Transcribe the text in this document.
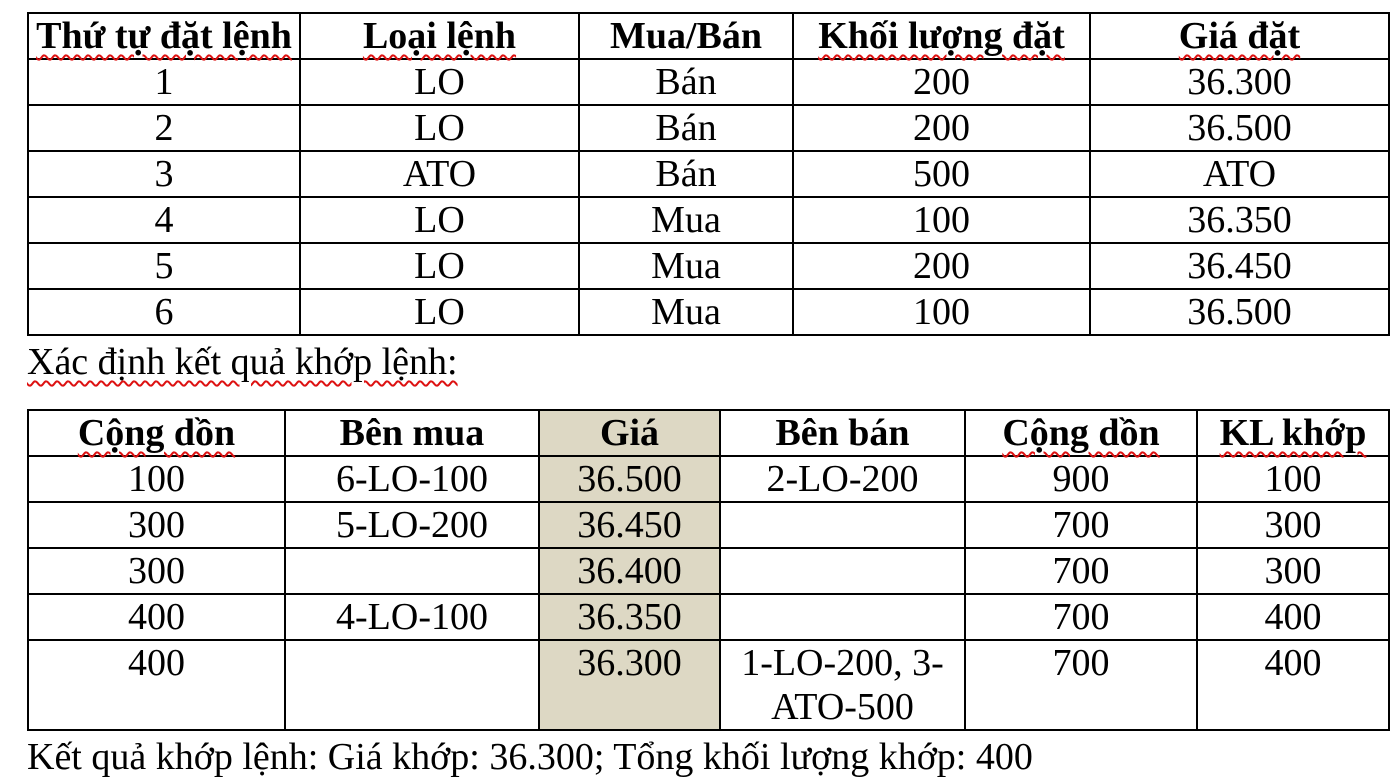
Thứ tự đặt lệnh	Loại lệnh	Mua/Bán	Khối lượng đặt	Giá đặt
1	LO	Bán	200	36.300
2	LO	Bán	200	36.500
3	ATO	Bán	500	ATO
4	LO	Mua	100	36.350
5	LO	Mua	200	36.450
6	LO	Mua	100	36.500
Xác định kết quả khớp lệnh:
Cộng dồn	Bên mua	Giá	Bên bán	Cộng dồn	KL khớp
100	6-LO-100	36.500	2-LO-200	900	100
300	5-LO-200	36.450		700	300
300		36.400		700	300
400	4-LO-100	36.350		700	400
400		36.300	1-LO-200, 3-ATO-500	700	400
Kết quả khớp lệnh: Giá khớp: 36.300; Tổng khối lượng khớp: 400
